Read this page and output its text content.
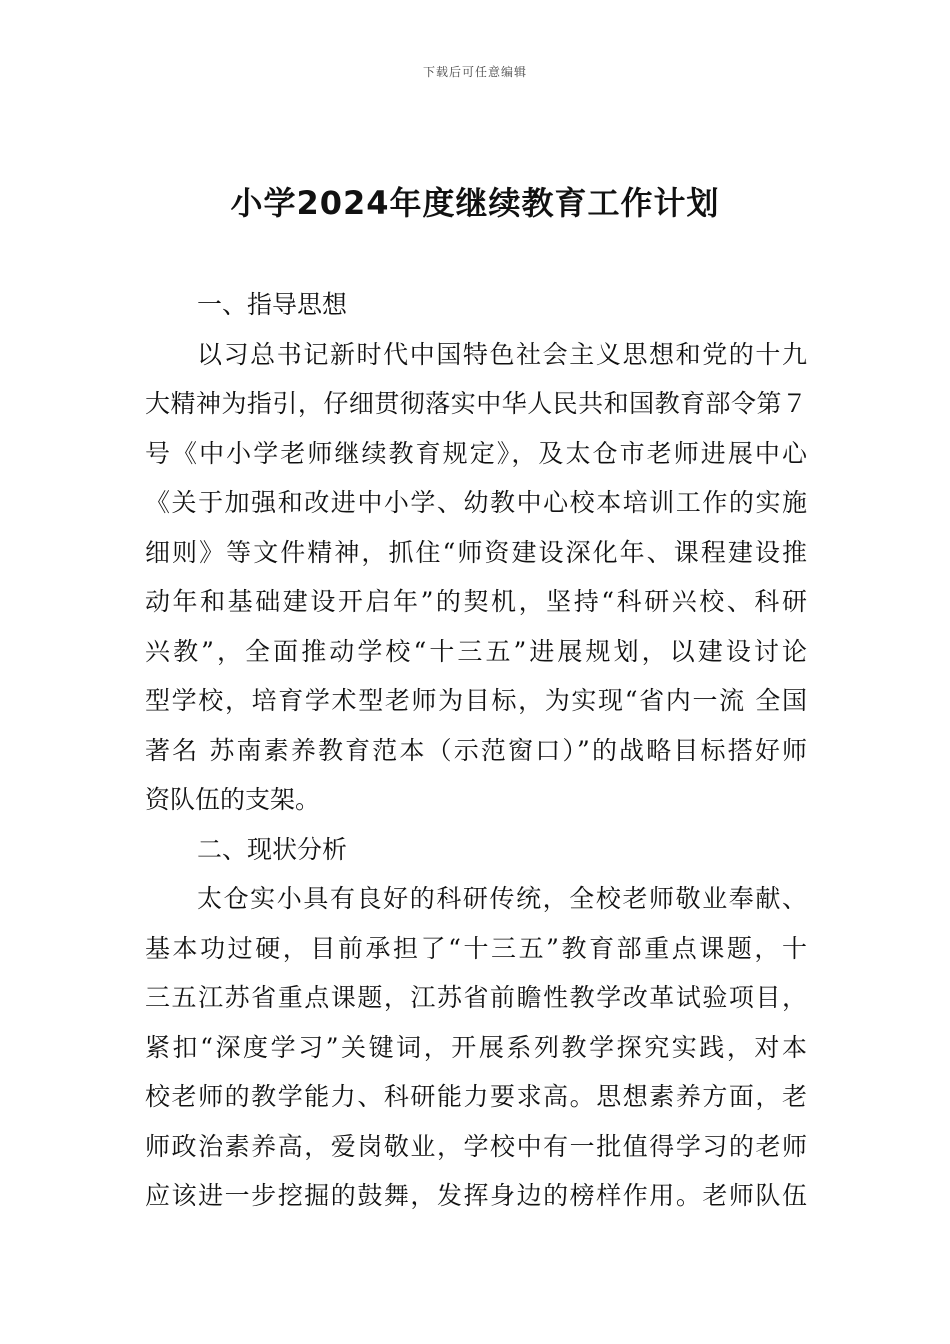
下载后可任意编辑
小学2024年度继续教育工作计划
一、指导思想
以习总书记新时代中国特色社会主义思想和党的十九
大精神为指引，仔细贯彻落实中华人民共和国教育部令第７
号《中小学老师继续教育规定》，及太仓市老师进展中心
《关于加强和改进中小学、幼教中心校本培训工作的实施
细则》等文件精神，抓住“师资建设深化年、课程建设推
动年和基础建设开启年”的契机，坚持“科研兴校、科研
兴教”，全面推动学校“十三五”进展规划，以建设讨论
型学校，培育学术型老师为目标，为实现“省内一流 全国
著名 苏南素养教育范本（示范窗口）”的战略目标搭好师
资队伍的支架。
二、现状分析
太仓实小具有良好的科研传统，全校老师敬业奉献、
基本功过硬，目前承担了“十三五”教育部重点课题，十
三五江苏省重点课题，江苏省前瞻性教学改革试验项目，
紧扣“深度学习”关键词，开展系列教学探究实践，对本
校老师的教学能力、科研能力要求高。思想素养方面，老
师政治素养高，爱岗敬业，学校中有一批值得学习的老师
应该进一步挖掘的鼓舞，发挥身边的榜样作用。老师队伍
